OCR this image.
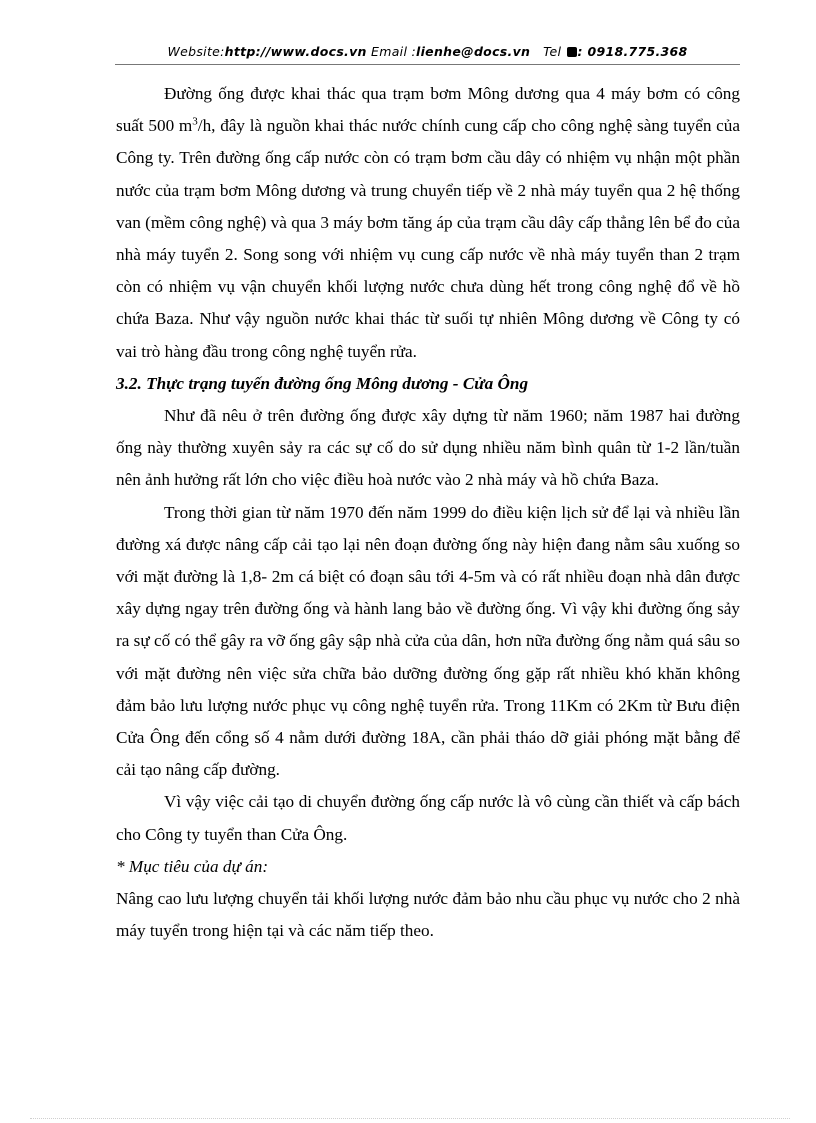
Website:http://www.docs.vn Email :lienhe@docs.vn Tel : 0918.775.368

Đường ống được khai thác qua trạm bơm Mông dương qua 4 máy bơm có công suất 500 $m^3/h$, đây là nguồn khai thác nước chính cung cấp cho công nghệ sàng tuyển của Công ty. Trên đường ống cấp nước còn có trạm bơm cầu dây có nhiệm vụ nhận một phần nước của trạm bơm Mông dương và trung chuyển tiếp về 2 nhà máy tuyển qua 2 hệ thống van (mềm công nghệ) và qua 3 máy bơm tăng áp của trạm cầu dây cấp thẳng lên bể đo của nhà máy tuyển 2. Song song với nhiệm vụ cung cấp nước về nhà máy tuyển than 2 trạm còn có nhiệm vụ vận chuyển khối lượng nước chưa dùng hết trong công nghệ đổ về hồ chứa Baza. Như vậy nguồn nước khai thác từ suối tự nhiên Mông dương về Công ty có vai trò hàng đầu trong công nghệ tuyển rửa.

3.2. Thực trạng tuyến đường ống Mông dương - Cửa Ông

Như đã nêu ở trên đường ống được xây dựng từ năm 1960; năm 1987 hai đường ống này thường xuyên sảy ra các sự cố do sử dụng nhiều năm bình quân từ 1-2 lần/tuần nên ảnh hưởng rất lớn cho việc điều hoà nước vào 2 nhà máy và hồ chứa Baza.

Trong thời gian từ năm 1970 đến năm 1999 do điều kiện lịch sử để lại và nhiều lần đường xá được nâng cấp cải tạo lại nên đoạn đường ống này hiện đang nằm sâu xuống so với mặt đường là 1,8- 2m cá biệt có đoạn sâu tới 4-5m và có rất nhiều đoạn nhà dân được xây dựng ngay trên đường ống và hành lang bảo về đường ống. Vì vậy khi đường ống sảy ra sự cố có thể gây ra vỡ ống gây sập nhà cửa của dân, hơn nữa đường ống nằm quá sâu so với mặt đường nên việc sửa chữa bảo dưỡng đường ống gặp rất nhiều khó khăn không đảm bảo lưu lượng nước phục vụ công nghệ tuyển rửa. Trong 11Km có 2Km từ Bưu điện Cửa Ông đến cổng số 4 nằm dưới đường 18A, cần phải tháo dỡ giải phóng mặt bằng để cải tạo nâng cấp đường.

Vì vậy việc cải tạo di chuyển đường ống cấp nước là vô cùng cần thiết và cấp bách cho Công ty tuyển than Cửa Ông.

* Mục tiêu của dự án:

Nâng cao lưu lượng chuyển tải khối lượng nước đảm bảo nhu cầu phục vụ nước cho 2 nhà máy tuyển trong hiện tại và các năm tiếp theo.
